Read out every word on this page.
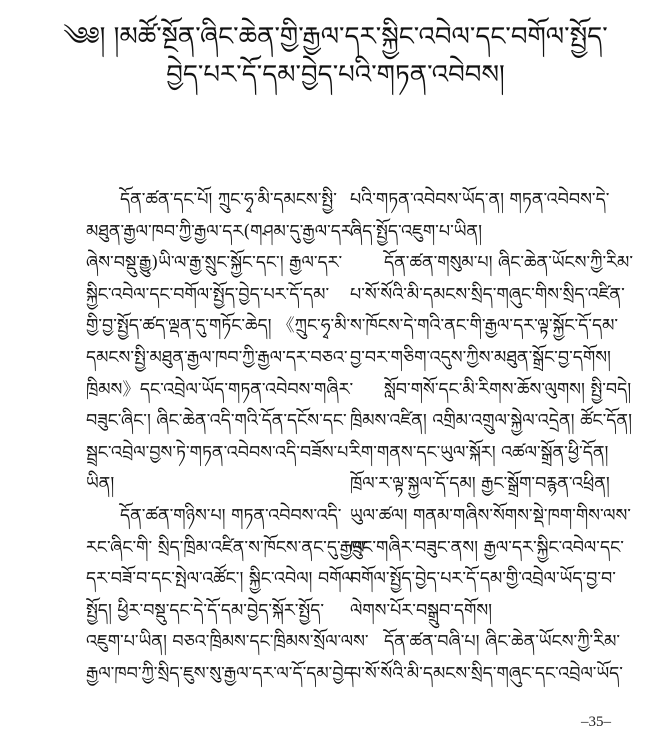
༄༅། །མཚོ་སྔོན་ཞིང་ཆེན་གྱི་རྒྱལ་དར་སྐྱིང་འབེལ་དང་བགོལ་སྤྱོད་
བྱེད་པར་དོ་དམ་བྱེད་པའི་གཏན་འབེབས།
དོན་ཚན་དང་པོ། ཀྲུང་ཧྭ་མི་དམངས་སྤྱི་
མཐུན་རྒྱལ་ཁབ་ཀྱི་རྒྱལ་དར(གཤམ་དུ་རྒྱལ་དར་
ཞེས་བསྡུ་རྒྱུ)ཡི་ལ་རྒྱ་སྲུང་སྐྱོང་དང་། རྒྱལ་དར་
སྐྱིང་འབེལ་དང་བགོལ་སྤྱོད་བྱེད་པར་དོ་དམ་
གྱི་བྱ་སྤྱོད་ཚད་ལྡན་དུ་གཏོང་ཆེད། 《ཀྲུང་ཧྭ་མི་
དམངས་སྤྱི་མཐུན་རྒྱལ་ཁབ་ཀྱི་རྒྱལ་དར་བཅའ་
ཁྲིམས》དང་འབྲེལ་ཡོད་གཏན་འབེབས་གཞིར་
བཟུང་ཞིང་། ཞིང་ཆེན་འདི་གའི་དོན་དངོས་དང་
སྦྲང་འབྲེལ་བྱས་ཏེ་གཏན་འབེབས་འདི་བཟོས་པ་
ཡིན།
དོན་ཚན་གཉིས་པ། གཏན་འབེབས་འདི་
རང་ཞིང་གི་ སྲིད་ཁྲིམ་འཛིན་ས་ཁོངས་ནང་དུ་རྒྱལ་
དར་བཟོ་བ་དང་སྤེལ་འཚོང་། སྐྱིང་འབེལ། བགོལ་
སྤྱོད། ཕྱིར་བསྡུ་དང་དེ་དོ་དམ་བྱེད་སྐོར་སྤྱོད་
འཇུག་པ་ཡིན། བཅའ་ཁྲིམས་དང་ཁྲིམས་སྲོལ་ལས་
རྒྱལ་ཁབ་ཀྱི་སྲིད་ཇུས་སུ་རྒྱལ་དར་ལ་དོ་དམ་བྱེད་
པའི་གཏན་འབེབས་ཡོད་ན། གཏན་འབེབས་དེ་
ཞིད་སྤྱོད་འཇུག་པ་ཡིན།
དོན་ཚན་གསུམ་པ། ཞིང་ཆེན་ཡོངས་ཀྱི་རིམ་
པ་སོ་སོའི་མི་དམངས་སྲིད་གཞུང་གིས་སྲིད་འཛིན་
ས་ཁོངས་དེ་གའི་ནང་གི་རྒྱལ་དར་ལྟ་སྐྱོང་དོ་དམ་
བྱ་བར་གཅིག་འདུས་ཀྱིས་མཐུན་སྒྲོང་བྱ་དགོས།
སློབ་གསོ་དང་མི་རིགས་ཆོས་ལུགས། སྤྱི་བདེ།
ཁྲིམས་འཛིན། འགྲིམ་འགྲུལ་སྐྱེལ་འདྲེན། ཚོང་དོན།
རིག་གནས་དང་ཡུལ་སྐོར། འཚལ་སྒྲོན་ཕྱི་དོན།
ཁྲོལ་ར་ལྟ་སྐྱལ་དོ་དམ། རྒྱང་སྒྲོག་བརྙན་འཕྲིན།
ཡུལ་ཚལ། གནམ་གཞིས་སོགས་སྡེ་ཁག་གིས་ལས་
ཁྲུང་གཞིར་བཟུང་ནས། རྒྱལ་དར་སྐྱིང་འབེལ་དང་
བགོལ་སྤྱོད་བྱེད་པར་དོ་དམ་གྱི་འབྲེལ་ཡོད་བྱ་བ་
ལེགས་པོར་བསྒྲུབ་དགོས།
དོན་ཚན་བཞི་པ། ཞིང་ཆེན་ཡོངས་ཀྱི་རིམ་
པ་སོ་སོའི་མི་དམངས་སྲིད་གཞུང་དང་འབྲེལ་ཡོད་
–35–
